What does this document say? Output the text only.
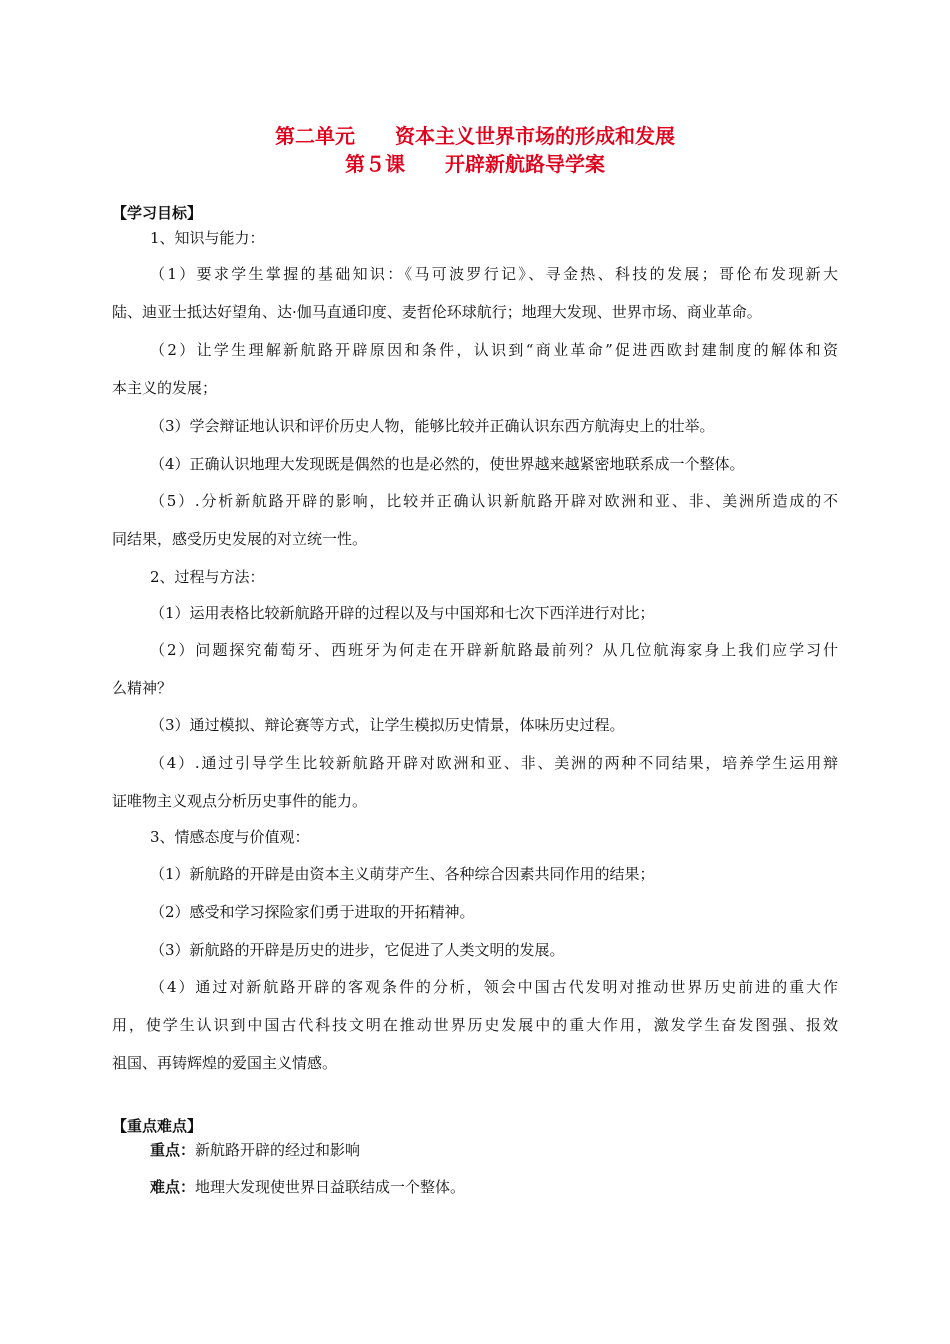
第二单元　　资本主义世界市场的形成和发展
第５课　　开辟新航路导学案
【学习目标】
1、知识与能力：
（1）要求学生掌握的基础知识：《马可波罗行记》、寻金热、科技的发展；哥伦布发现新大
陆、迪亚士抵达好望角、达·伽马直通印度、麦哲伦环球航行；地理大发现、世界市场、商业革命。
（2）让学生理解新航路开辟原因和条件，认识到“商业革命”促进西欧封建制度的解体和资
本主义的发展；
（3）学会辩证地认识和评价历史人物，能够比较并正确认识东西方航海史上的壮举。
（4）正确认识地理大发现既是偶然的也是必然的，使世界越来越紧密地联系成一个整体。
（5）.分析新航路开辟的影响，比较并正确认识新航路开辟对欧洲和亚、非、美洲所造成的不
同结果，感受历史发展的对立统一性。
2、过程与方法：
（1）运用表格比较新航路开辟的过程以及与中国郑和七次下西洋进行对比；
（2）问题探究葡萄牙、西班牙为何走在开辟新航路最前列？从几位航海家身上我们应学习什
么精神？
（3）通过模拟、辩论赛等方式，让学生模拟历史情景，体味历史过程。
（4）.通过引导学生比较新航路开辟对欧洲和亚、非、美洲的两种不同结果，培养学生运用辩
证唯物主义观点分析历史事件的能力。
3、情感态度与价值观：
（1）新航路的开辟是由资本主义萌芽产生、各种综合因素共同作用的结果；
（2）感受和学习探险家们勇于进取的开拓精神。
（3）新航路的开辟是历史的进步，它促进了人类文明的发展。
（4）通过对新航路开辟的客观条件的分析，领会中国古代发明对推动世界历史前进的重大作
用，使学生认识到中国古代科技文明在推动世界历史发展中的重大作用，激发学生奋发图强、报效
祖国、再铸辉煌的爱国主义情感。
【重点难点】
重点：新航路开辟的经过和影响
难点：地理大发现使世界日益联结成一个整体。
